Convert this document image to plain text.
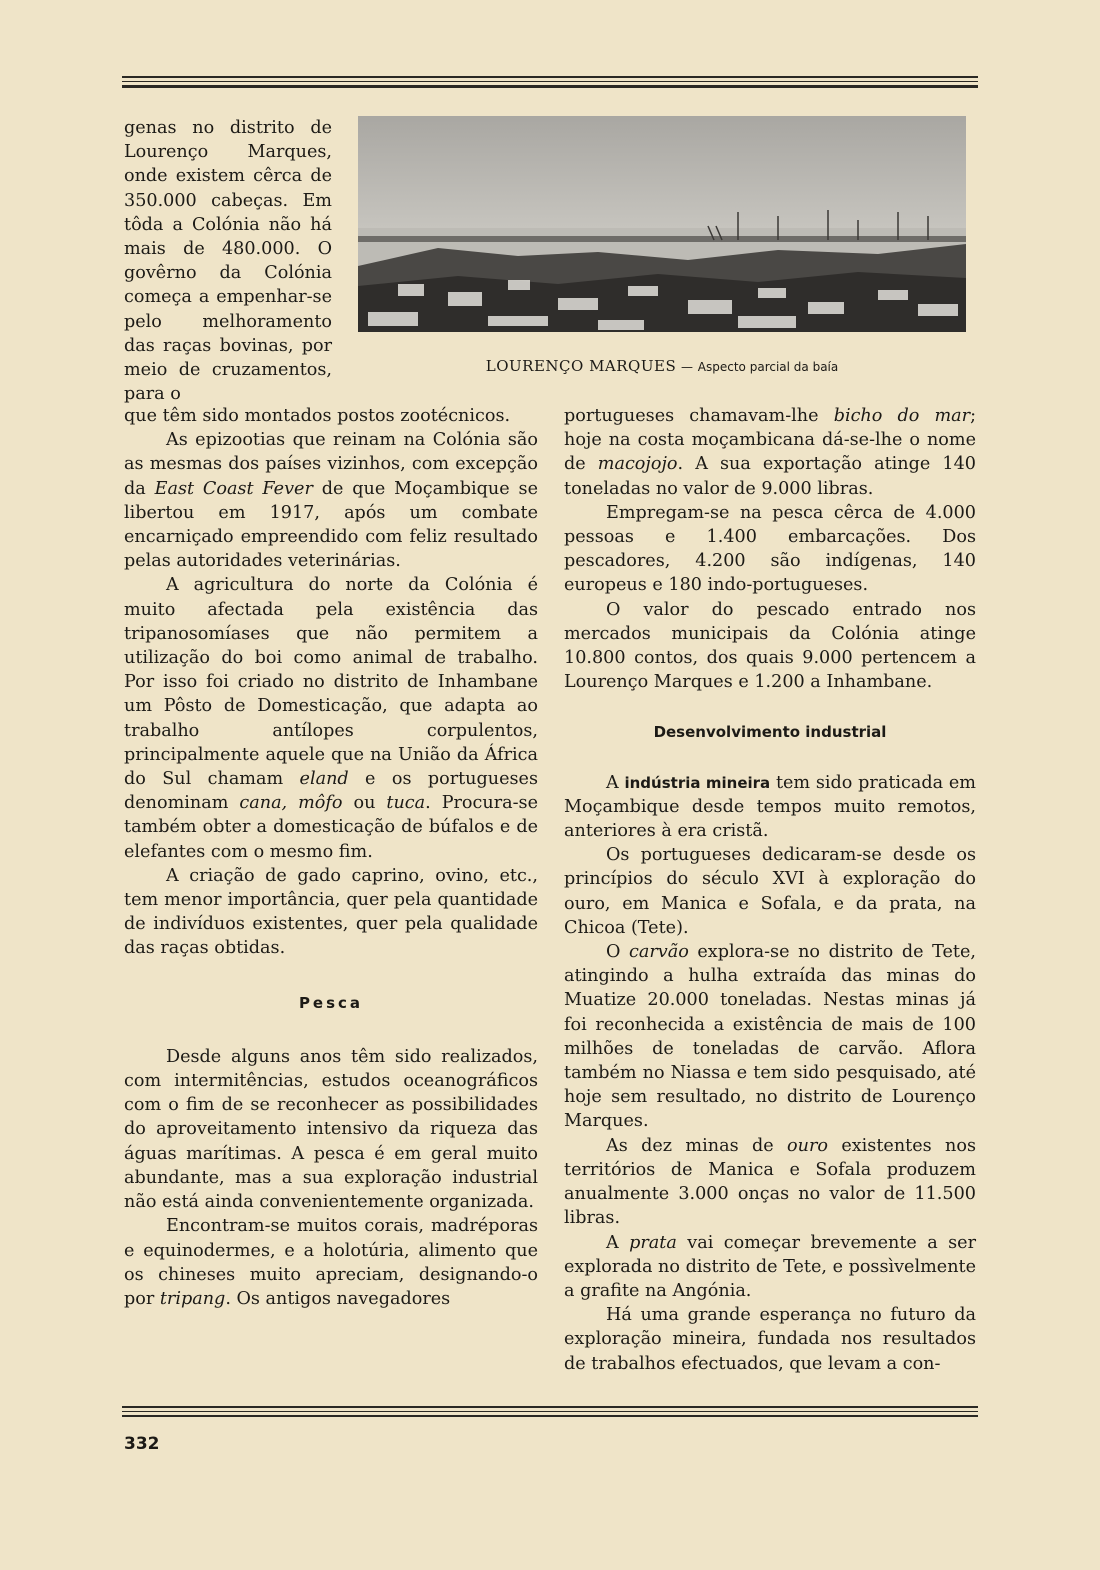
genas no distrito de Lourenço Marques, onde existem cêrca de 350.000 cabeças. Em tôda a Colónia não há mais de 480.000. O govêrno da Colónia começa a empenhar-se pelo melhoramento das raças bovinas, por meio de cruzamentos, para o
LOURENÇO MARQUES — Aspecto parcial da baía

que têm sido montados postos zootécnicos.

As epizootias que reinam na Colónia são as mesmas dos países vizinhos, com excepção da East Coast Fever de que Moçambique se libertou em 1917, após um combate encarniçado empreendido com feliz resultado pelas autoridades veterinárias.

A agricultura do norte da Colónia é muito afectada pela existência das tripanosomíases que não permitem a utilização do boi como animal de trabalho. Por isso foi criado no distrito de Inhambane um Pôsto de Domesticação, que adapta ao trabalho antílopes corpulentos, principalmente aquele que na União da África do Sul chamam eland e os portugueses denominam cana, môfo ou tuca. Procura-se também obter a domesticação de búfalos e de elefantes com o mesmo fim.

A criação de gado caprino, ovino, etc., tem menor importância, quer pela quantidade de indivíduos existentes, quer pela qualidade das raças obtidas.

Pesca

Desde alguns anos têm sido realizados, com intermitências, estudos oceanográficos com o fim de se reconhecer as possibilidades do aproveitamento intensivo da riqueza das águas marítimas. A pesca é em geral muito abundante, mas a sua exploração industrial não está ainda convenientemente organizada.

Encontram-se muitos corais, madréporas e equinodermes, e a holotúria, alimento que os chineses muito apreciam, designando-o por tripang. Os antigos navegadores

portugueses chamavam-lhe bicho do mar; hoje na costa moçambicana dá-se-lhe o nome de macojojo. A sua exportação atinge 140 toneladas no valor de 9.000 libras.

Empregam-se na pesca cêrca de 4.000 pessoas e 1.400 embarcações. Dos pescadores, 4.200 são indígenas, 140 europeus e 180 indo-portugueses.

O valor do pescado entrado nos mercados municipais da Colónia atinge 10.800 contos, dos quais 9.000 pertencem a Lourenço Marques e 1.200 a Inhambane.

Desenvolvimento industrial

A indústria mineira tem sido praticada em Moçambique desde tempos muito remotos, anteriores à era cristã.

Os portugueses dedicaram-se desde os princípios do século XVI à exploração do ouro, em Manica e Sofala, e da prata, na Chicoa (Tete).

O carvão explora-se no distrito de Tete, atingindo a hulha extraída das minas do Muatize 20.000 toneladas. Nestas minas já foi reconhecida a existência de mais de 100 milhões de toneladas de carvão. Aflora também no Niassa e tem sido pesquisado, até hoje sem resultado, no distrito de Lourenço Marques.

As dez minas de ouro existentes nos territórios de Manica e Sofala produzem anualmente 3.000 onças no valor de 11.500 libras.

A prata vai começar brevemente a ser explorada no distrito de Tete, e possìvelmente a grafite na Angónia.

Há uma grande esperança no futuro da exploração mineira, fundada nos resultados de trabalhos efectuados, que levam a con-

332
